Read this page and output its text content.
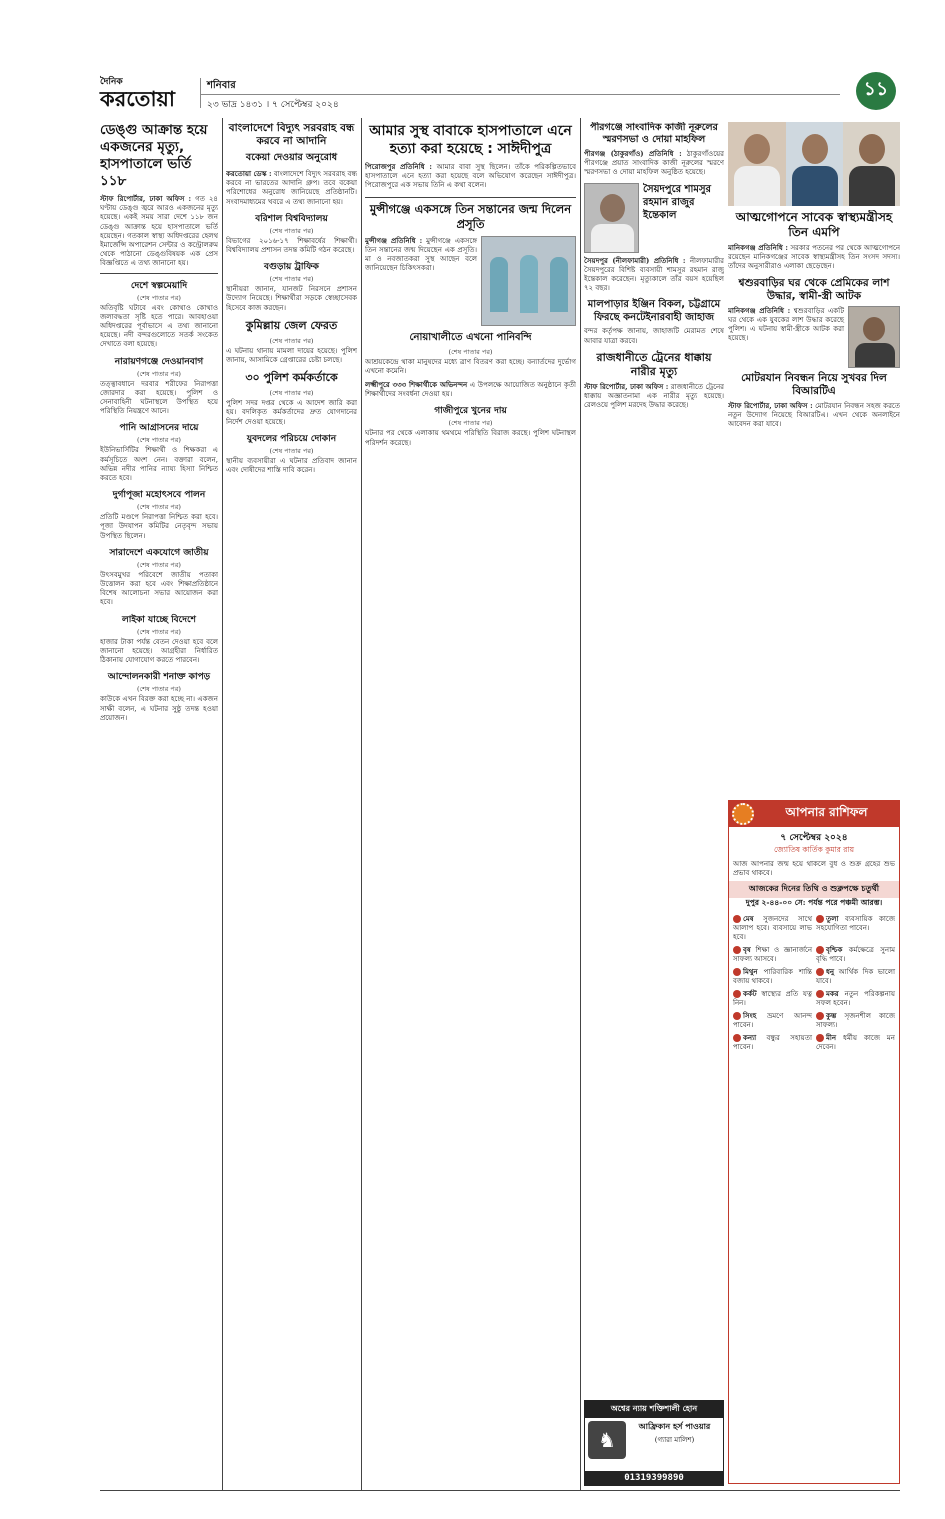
দৈনিক
করতোয়া
শনিবার
২৩ ভাদ্র ১৪৩১ । ৭ সেপ্টেম্বর ২০২৪
১১
ডেঙ্গু আক্রান্ত হয়ে একজনের মৃত্যু, হাসপাতালে ভর্তি ১১৮
স্টাফ রিপোর্টার, ঢাকা অফিস : গত ২৪ ঘণ্টায় ডেঙ্গু জ্বরে আরও একজনের মৃত্যু হয়েছে। একই সময় সারা দেশে ১১৮ জন ডেঙ্গু আক্রান্ত হয়ে হাসপাতালে ভর্তি হয়েছেন। গতকাল স্বাস্থ্য অধিদপ্তরের হেলথ ইমার্জেন্সি অপারেশন সেন্টার ও কন্ট্রোলরুম থেকে পাঠানো ডেঙ্গুবিষয়ক এক প্রেস বিজ্ঞপ্তিতে এ তথ্য জানানো হয়।
দেশে স্বল্পমেয়াদি
(শেষ পাতার পর)
অতিবৃষ্টি ঘটাবে এবং কোথাও কোথাও জলাবদ্ধতা সৃষ্টি হতে পারে। আবহাওয়া অধিদপ্তরের পূর্বাভাসে এ তথ্য জানানো হয়েছে। নদী বন্দরগুলোতে সতর্ক সংকেত দেখাতে বলা হয়েছে।
নারায়ণগঞ্জে দেওয়ানবাগ
(শেষ পাতার পর)
তত্ত্বাবধানে দরবার শরীফের নিরাপত্তা জোরদার করা হয়েছে। পুলিশ ও সেনাবাহিনী ঘটনাস্থলে উপস্থিত হয়ে পরিস্থিতি নিয়ন্ত্রণে আনে।
পানি আগ্রাসনের দায়ে
(শেষ পাতার পর)
ইউনিভার্সিটির শিক্ষার্থী ও শিক্ষকরা এ কর্মসূচিতে অংশ নেন। বক্তারা বলেন, অভিন্ন নদীর পানির ন্যায্য হিস্যা নিশ্চিত করতে হবে।
দুর্গাপূজা মহোৎসবে পালন
(শেষ পাতার পর)
প্রতিটি মণ্ডপে নিরাপত্তা নিশ্চিত করা হবে। পূজা উদযাপন কমিটির নেতৃবৃন্দ সভায় উপস্থিত ছিলেন।
সারাদেশে একযোগে জাতীয়
(শেষ পাতার পর)
উৎসবমুখর পরিবেশে জাতীয় পতাকা উত্তোলন করা হবে এবং শিক্ষাপ্রতিষ্ঠানে বিশেষ আলোচনা সভার আয়োজন করা হবে।
লাইকা যাচ্ছে বিদেশে
(শেষ পাতার পর)
হাজার টাকা পর্যন্ত বেতন দেওয়া হবে বলে জানানো হয়েছে। আগ্রহীরা নির্ধারিত ঠিকানায় যোগাযোগ করতে পারবেন।
আন্দোলনকারী শনাক্ত কাপড়
(শেষ পাতার পর)
কাউকে এখন বিরক্ত করা হচ্ছে না। একজন সাক্ষী বলেন, এ ঘটনার সুষ্ঠু তদন্ত হওয়া প্রয়োজন।
বাংলাদেশে বিদ্যুৎ সরবরাহ বন্ধ করবে না আদানি
বকেয়া দেওয়ার অনুরোধ
করতোয়া ডেস্ক : বাংলাদেশে বিদ্যুৎ সরবরাহ বন্ধ করবে না ভারতের আদানি গ্রুপ। তবে বকেয়া পরিশোধের অনুরোধ জানিয়েছে প্রতিষ্ঠানটি। সংবাদমাধ্যমের খবরে এ তথ্য জানানো হয়।
বরিশাল বিশ্ববিদ্যালয়
(শেষ পাতার পর)
বিভাগের ২০১৬-১৭ শিক্ষাবর্ষের শিক্ষার্থী। বিশ্ববিদ্যালয় প্রশাসন তদন্ত কমিটি গঠন করেছে।
বগুড়ায় ট্রাফিক
(শেষ পাতার পর)
স্থানীয়রা জানান, যানজট নিরসনে প্রশাসন উদ্যোগ নিয়েছে। শিক্ষার্থীরা সড়কে স্বেচ্ছাসেবক হিসেবে কাজ করছেন।
কুমিল্লায় জেল ফেরত
(শেষ পাতার পর)
এ ঘটনায় থানায় মামলা দায়ের হয়েছে। পুলিশ জানায়, আসামিকে গ্রেপ্তারের চেষ্টা চলছে।
৩০ পুলিশ কর্মকর্তাকে
(শেষ পাতার পর)
পুলিশ সদর দপ্তর থেকে এ আদেশ জারি করা হয়। বদলিকৃত কর্মকর্তাদের দ্রুত যোগদানের নির্দেশ দেওয়া হয়েছে।
যুবদলের পরিচয়ে দোকান
(শেষ পাতার পর)
স্থানীয় ব্যবসায়ীরা এ ঘটনার প্রতিবাদ জানান এবং দোষীদের শাস্তি দাবি করেন।
আমার সুস্থ বাবাকে হাসপাতালে এনে হত্যা করা হয়েছে : সাঈদীপুত্র
পিরোজপুর প্রতিনিধি : আমার বাবা সুস্থ ছিলেন। তাঁকে পরিকল্পিতভাবে হাসপাতালে এনে হত্যা করা হয়েছে বলে অভিযোগ করেছেন সাঈদীপুত্র। পিরোজপুরে এক সভায় তিনি এ কথা বলেন।
মুন্সীগঞ্জে একসঙ্গে তিন সন্তানের জন্ম দিলেন প্রসূতি
মুন্সীগঞ্জ প্রতিনিধি : মুন্সীগঞ্জে একসঙ্গে তিন সন্তানের জন্ম দিয়েছেন এক প্রসূতি। মা ও নবজাতকরা সুস্থ আছেন বলে জানিয়েছেন চিকিৎসকরা।
নোয়াখালীতে এখনো পানিবন্দি
(শেষ পাতার পর)
আশ্রয়কেন্দ্রে থাকা মানুষদের মধ্যে ত্রাণ বিতরণ করা হচ্ছে। বন্যার্তদের দুর্ভোগ এখনো কমেনি।
লক্ষ্মীপুরে ৩৩৩ শিক্ষার্থীকে অভিনন্দন এ উপলক্ষে আয়োজিত অনুষ্ঠানে কৃতী শিক্ষার্থীদের সংবর্ধনা দেওয়া হয়।
গাজীপুরে খুনের দায়
(শেষ পাতার পর)
ঘটনার পর থেকে এলাকায় থমথমে পরিস্থিতি বিরাজ করছে। পুলিশ ঘটনাস্থল পরিদর্শন করেছে।
পীরগঞ্জে সাংবাদিক কাজী নূরুলের স্মরণসভা ও দোয়া মাহফিল
পীরগঞ্জ (ঠাকুরগাঁও) প্রতিনিধি : ঠাকুরগাঁওয়ের পীরগঞ্জে প্রয়াত সাংবাদিক কাজী নূরুলের স্মরণে স্মরণসভা ও দোয়া মাহফিল অনুষ্ঠিত হয়েছে।
সৈয়দপুরে শামসুর রহমান রাজুর ইন্তেকাল
সৈয়দপুর (নীলফামারী) প্রতিনিধি : নীলফামারীর সৈয়দপুরের বিশিষ্ট ব্যবসায়ী শামসুর রহমান রাজু ইন্তেকাল করেছেন। মৃত্যুকালে তাঁর বয়স হয়েছিল ৭২ বছর।
মালপাড়ার ইঞ্জিন বিকল, চট্টগ্রামে ফিরছে কনটেইনারবাহী জাহাজ
বন্দর কর্তৃপক্ষ জানায়, জাহাজটি মেরামত শেষে আবার যাত্রা করবে।
রাজধানীতে ট্রেনের ধাক্কায় নারীর মৃত্যু
স্টাফ রিপোর্টার, ঢাকা অফিস : রাজধানীতে ট্রেনের ধাক্কায় অজ্ঞাতনামা এক নারীর মৃত্যু হয়েছে। রেলওয়ে পুলিশ মরদেহ উদ্ধার করেছে।
অশ্বের ন্যায় শক্তিশালী হোন
♞
আফ্রিকান হর্স পাওয়ার
(গ্যারা মালিশ)
01319399890
আত্মগোপনে সাবেক স্বাস্থ্যমন্ত্রীসহ তিন এমপি
মানিকগঞ্জ প্রতিনিধি : সরকার পতনের পর থেকে আত্মগোপনে রয়েছেন মানিকগঞ্জের সাবেক স্বাস্থ্যমন্ত্রীসহ তিন সংসদ সদস্য। তাঁদের অনুসারীরাও এলাকা ছেড়েছেন।
শ্বশুরবাড়ির ঘর থেকে প্রেমিকের লাশ উদ্ধার, স্বামী-স্ত্রী আটক
মানিকগঞ্জ প্রতিনিধি : শ্বশুরবাড়ির একটি ঘর থেকে এক যুবকের লাশ উদ্ধার করেছে পুলিশ। এ ঘটনায় স্বামী-স্ত্রীকে আটক করা হয়েছে।
মোটরযান নিবন্ধন নিয়ে সুখবর দিল বিআরটিএ
স্টাফ রিপোর্টার, ঢাকা অফিস : মোটরযান নিবন্ধন সহজ করতে নতুন উদ্যোগ নিয়েছে বিআরটিএ। এখন থেকে অনলাইনে আবেদন করা যাবে।
আপনার রাশিফল
৭ সেপ্টেম্বর ২০২৪
জ্যোতিষ কার্তিক কুমার রায়
আজ আপনার জন্ম হয়ে থাকলে বুধ ও শুক্র গ্রহের শুভ প্রভাব থাকবে।
আজকের দিনের তিথি ও শুক্লপক্ষে চতুর্থী
দুপুর ২-৪৪-০০ সে: পর্যন্ত পরে পঞ্চমী আরম্ভ।
মেষ সুজনদের সাথে আলাপ হবে। ব্যবসায়ে লাভ হবে।
তুলা ব্যবসায়িক কাজে সহযোগিতা পাবেন।
বৃষ শিক্ষা ও জ্ঞানার্জনে সাফল্য আসবে।
বৃশ্চিক কর্মক্ষেত্রে সুনাম বৃদ্ধি পাবে।
মিথুন পারিবারিক শান্তি বজায় থাকবে।
ধনু আর্থিক দিক ভালো যাবে।
কর্কট স্বাস্থ্যের প্রতি যত্ন নিন।
মকর নতুন পরিকল্পনায় সফল হবেন।
সিংহ ভ্রমণে আনন্দ পাবেন।
কুম্ভ সৃজনশীল কাজে সাফল্য।
কন্যা বন্ধুর সহায়তা পাবেন।
মীন ধর্মীয় কাজে মন দেবেন।
